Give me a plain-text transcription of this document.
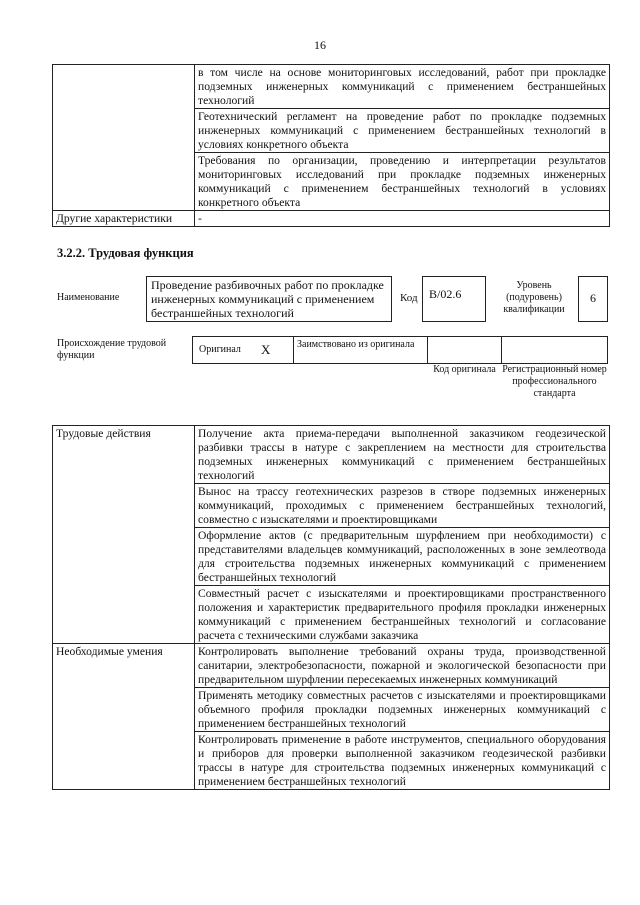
16
	в том числе на основе мониторинговых исследований, работ при прокладке подземных инженерных коммуникаций с применением бестраншейных технологий
	Геотехнический регламент на проведение работ по прокладке подземных инженерных коммуникаций с применением бестраншейных технологий в условиях конкретного объекта
	Требования по организации, проведению и интерпретации результатов мониторинговых исследований при прокладке подземных инженерных коммуникаций с применением бестраншейных технологий в условиях конкретного объекта
Другие характеристики	-
3.2.2. Трудовая функция
Наименование
Проведение разбивочных работ по прокладке инженерных коммуникаций с применением бестраншейных технологий
Код B/02.6
Уровень (подуровень) квалификации
6
Происхождение трудовой функции
Оригинал X	Заимствовано из оригинала
Код оригинала Регистрационный номер профессионального стандарта
Трудовые действия	Получение акта приема-передачи выполненной заказчиком геодезической разбивки трассы в натуре с закреплением на местности для строительства подземных инженерных коммуникаций с применением бестраншейных технологий
	Вынос на трассу геотехнических разрезов в створе подземных инженерных коммуникаций, проходимых с применением бестраншейных технологий, совместно с изыскателями и проектировщиками
	Оформление актов (с предварительным шурфлением при необходимости) с представителями владельцев коммуникаций, расположенных в зоне землеотвода для строительства подземных инженерных коммуникаций с применением бестраншейных технологий
	Совместный расчет с изыскателями и проектировщиками пространственного положения и характеристик предварительного профиля прокладки инженерных коммуникаций с применением бестраншейных технологий и согласование расчета с техническими службами заказчика
Необходимые умения	Контролировать выполнение требований охраны труда, производственной санитарии, электробезопасности, пожарной и экологической безопасности при предварительном шурфлении пересекаемых инженерных коммуникаций
	Применять методику совместных расчетов с изыскателями и проектировщиками объемного профиля прокладки подземных инженерных коммуникаций с применением бестраншейных технологий
	Контролировать применение в работе инструментов, специального оборудования и приборов для проверки выполненной заказчиком геодезической разбивки трассы в натуре для строительства подземных инженерных коммуникаций с применением бестраншейных технологий
